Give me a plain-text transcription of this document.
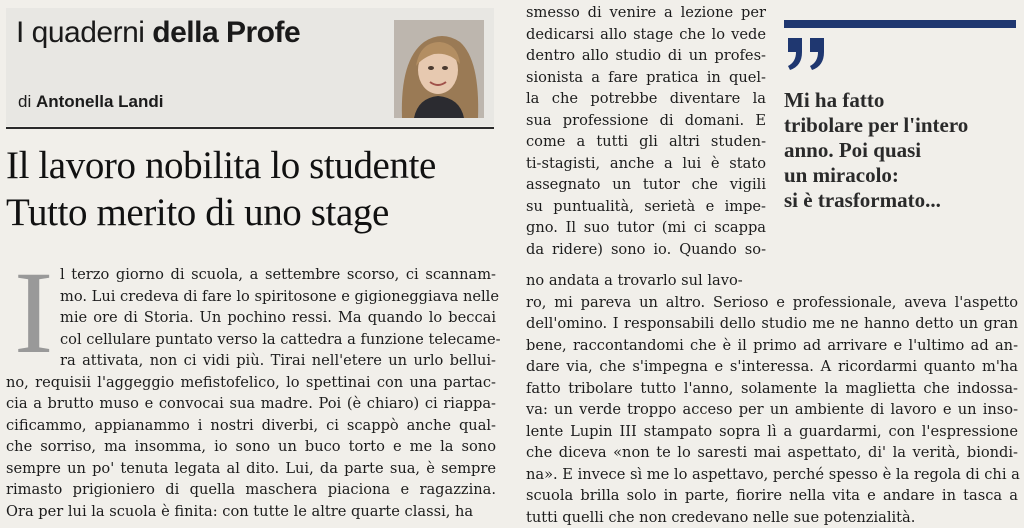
I quaderni della Profe
di Antonella Landi
Il lavoro nobilita lo studente
Tutto merito di uno stage
I l terzo giorno di scuola, a settembre scorso, ci scannam-
mo. Lui credeva di fare lo spiritosone e gigioneggiava nelle
mie ore di Storia. Un pochino ressi. Ma quando lo beccai
col cellulare puntato verso la cattedra a funzione telecame-
ra attivata, non ci vidi più. Tirai nell'etere un urlo bellui-
no, requisii l'aggeggio mefistofelico, lo spettinai con una partac-
cia a brutto muso e convocai sua madre. Poi (è chiaro) ci riappa-
cificammo, appianammo i nostri diverbi, ci scappò anche qual-
che sorriso, ma insomma, io sono un buco torto e me la sono
sempre un po' tenuta legata al dito. Lui, da parte sua, è sempre
rimasto prigioniero di quella maschera piaciona e ragazzina.
Ora per lui la scuola è finita: con tutte le altre quarte classi, ha
smesso di venire a lezione per
dedicarsi allo stage che lo vede
dentro allo studio di un profes-
sionista a fare pratica in quel-
la che potrebbe diventare la
sua professione di domani. E
come a tutti gli altri studen-
ti-stagisti, anche a lui è stato
assegnato un tutor che vigili
su puntualità, serietà e impe-
gno. Il suo tutor (mi ci scappa
da ridere) sono io. Quando so-
no andata a trovarlo sul lavo-
ro, mi pareva un altro. Serioso e professionale, aveva l'aspetto
dell'omino. I responsabili dello studio me ne hanno detto un gran
bene, raccontandomi che è il primo ad arrivare e l'ultimo ad an-
dare via, che s'impegna e s'interessa. A ricordarmi quanto m'ha
fatto tribolare tutto l'anno, solamente la maglietta che indossa-
va: un verde troppo acceso per un ambiente di lavoro e un inso-
lente Lupin III stampato sopra lì a guardarmi, con l'espressione
che diceva «non te lo saresti mai aspettato, di' la verità, biondi-
na». E invece sì me lo aspettavo, perché spesso è la regola di chi a
scuola brilla solo in parte, fiorire nella vita e andare in tasca a
tutti quelli che non credevano nelle sue potenzialità.
Mi ha fatto
tribolare per l'intero
anno. Poi quasi
un miracolo:
si è trasformato...
